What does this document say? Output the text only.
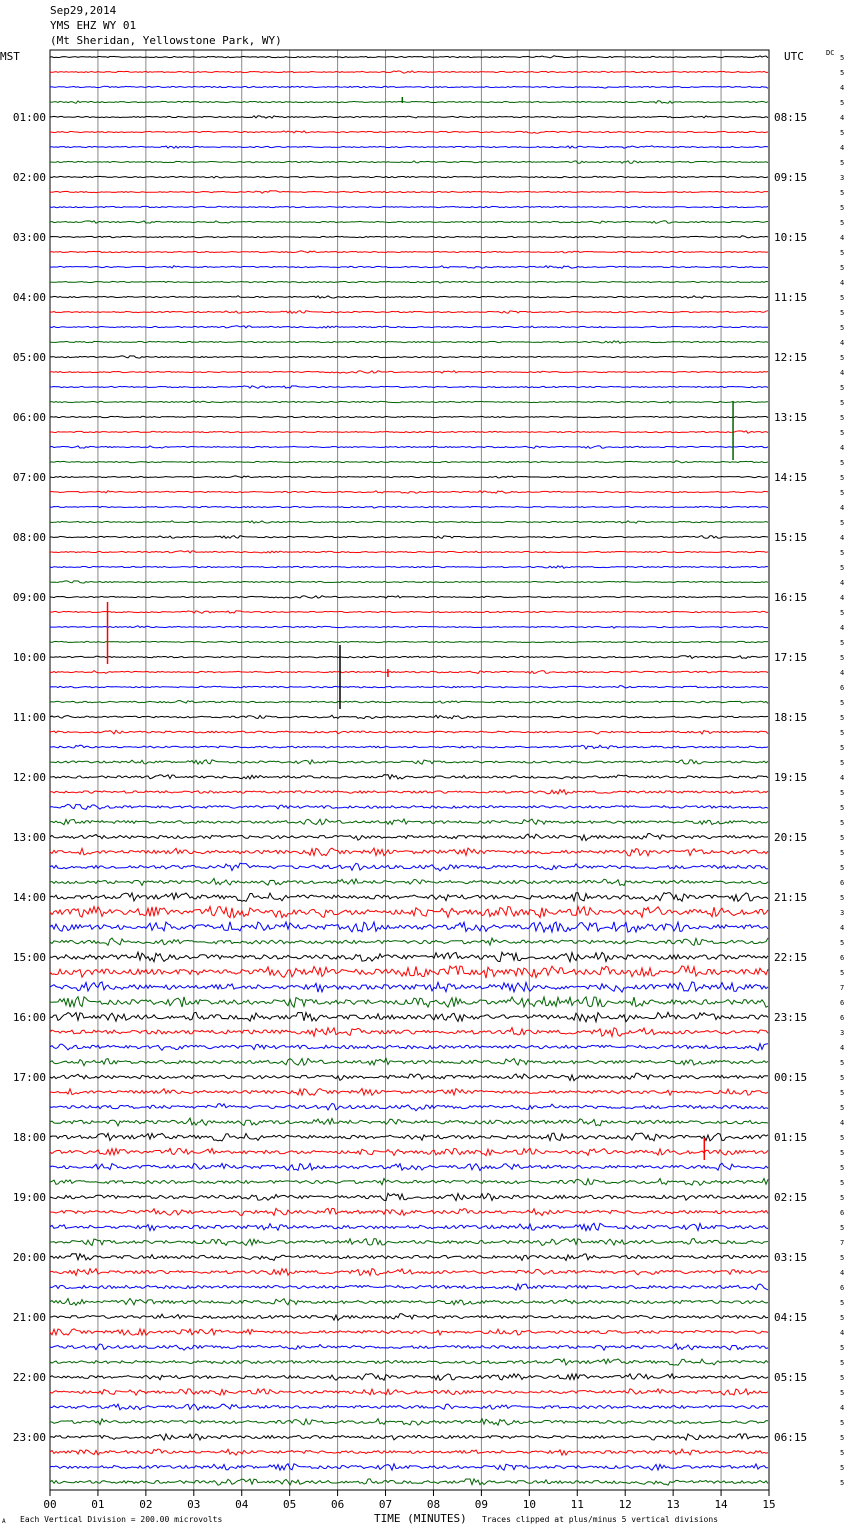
01:00
02:00
03:00
04:00
05:00
06:00
07:00
08:00
09:00
10:00
11:00
12:00
13:00
14:00
15:00
16:00
17:00
18:00
19:00
20:00
21:00
22:00
23:00
08:15
09:15
10:15
11:15
12:15
13:15
14:15
15:15
16:15
17:15
18:15
19:15
20:15
21:15
22:15
23:15
00:15
01:15
02:15
03:15
04:15
05:15
06:15
5
5
4
5
4
5
4
5
3
5
5
5
4
5
5
4
5
5
5
4
5
4
5
5
5
5
4
5
5
5
4
5
4
5
5
4
4
5
4
5
5
4
6
5
5
5
5
5
4
5
5
5
5
5
5
6
5
3
4
5
6
5
7
6
6
3
4
5
5
5
5
4
5
5
5
5
5
6
5
7
5
4
6
5
5
4
5
5
5
5
4
5
5
5
5
5
00	01	02	03	04	05	06	07	08	09	10	11	12	13	14	15
Sep29,2014
YMS EHZ WY 01
(Mt Sheridan, Yellowstone Park, WY)
MST	UTC	DC
A Each Vertical Division = 200.00 microvolts	TIME (MINUTES) Traces clipped at plus/minus 5 vertical divisions
